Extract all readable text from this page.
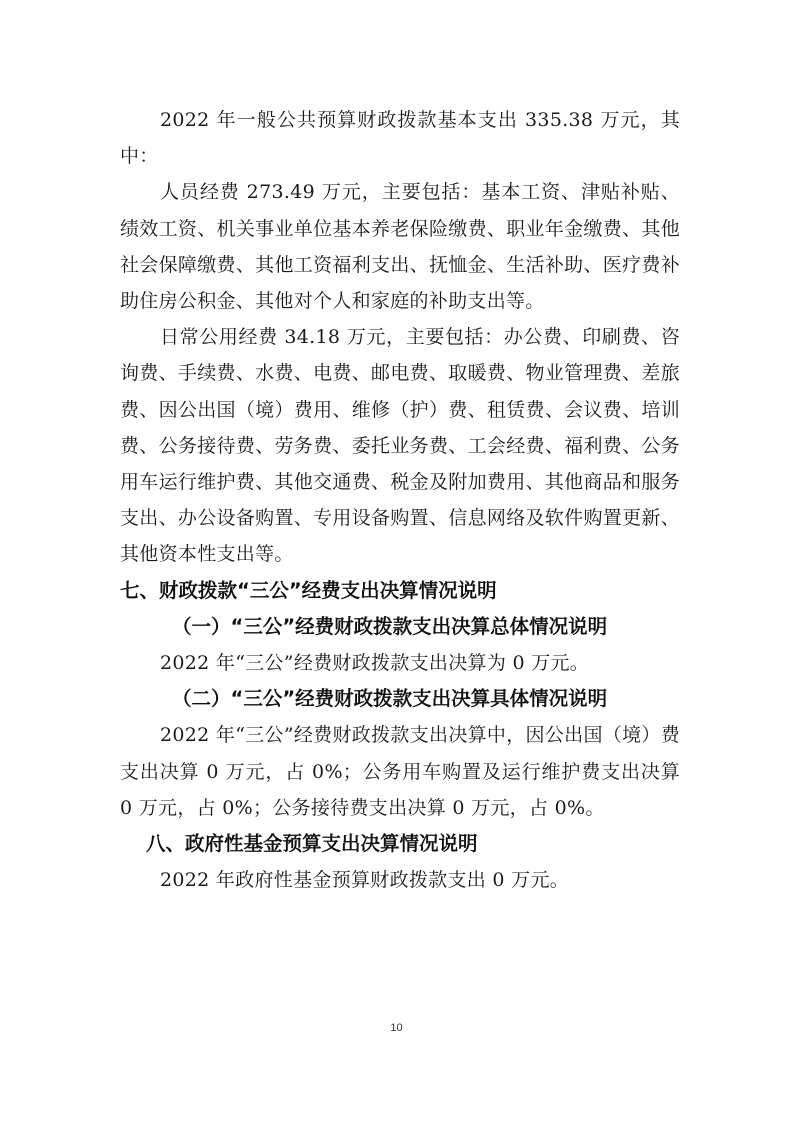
2022 年一般公共预算财政拨款基本支出 335.38 万元，其中：

人员经费 273.49 万元，主要包括：基本工资、津贴补贴、绩效工资、机关事业单位基本养老保险缴费、职业年金缴费、其他社会保障缴费、其他工资福利支出、抚恤金、生活补助、医疗费补助住房公积金、其他对个人和家庭的补助支出等。

日常公用经费 34.18 万元，主要包括：办公费、印刷费、咨询费、手续费、水费、电费、邮电费、取暖费、物业管理费、差旅费、因公出国（境）费用、维修（护）费、租赁费、会议费、培训费、公务接待费、劳务费、委托业务费、工会经费、福利费、公务用车运行维护费、其他交通费、税金及附加费用、其他商品和服务支出、办公设备购置、专用设备购置、信息网络及软件购置更新、其他资本性支出等。

七、财政拨款“三公”经费支出决算情况说明

（一）“三公”经费财政拨款支出决算总体情况说明

2022 年“三公”经费财政拨款支出决算为 0 万元。

（二）“三公”经费财政拨款支出决算具体情况说明

2022 年“三公”经费财政拨款支出决算中，因公出国（境）费支出决算 0 万元，占 0%；公务用车购置及运行维护费支出决算 0 万元，占 0%；公务接待费支出决算 0 万元，占 0%。

八、政府性基金预算支出决算情况说明

2022 年政府性基金预算财政拨款支出 0 万元。

10
